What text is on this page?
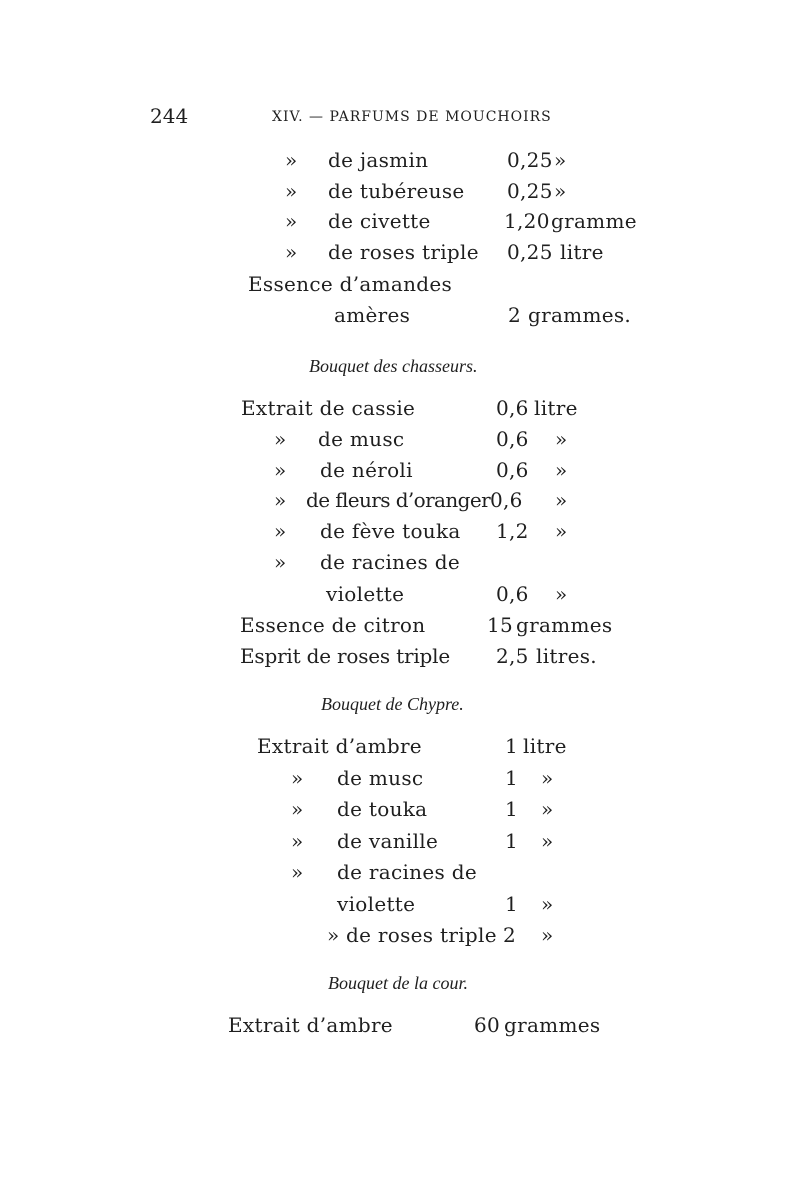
244	XIV. — PARFUMS DE MOUCHOIRS
» de jasmin	0,25 »
» de tubéreuse 0,25 »
» de civette	1,20 gramme
» de roses triple 0,25 litre
Essence d’amandes
amères	2 grammes.
Bouquet des chasseurs.
Extrait de cassie	0,6 litre
» de musc	0,6 »
» de néroli	0,6 »
» de fleurs d’oranger 0,6 »
» de fève touka 1,2 »
» de racines de
violette	0,6 »
Essence de citron	15 grammes
Esprit de roses triple 2,5 litres.
Bouquet de Chypre.
Extrait d’ambre	1 litre
» de musc	1 »
» de touka	1 »
» de vanille	1 »
» de racines de
violette	1 »
» de roses triple 2 »
Bouquet de la cour.
Extrait d’ambre	60 grammes
